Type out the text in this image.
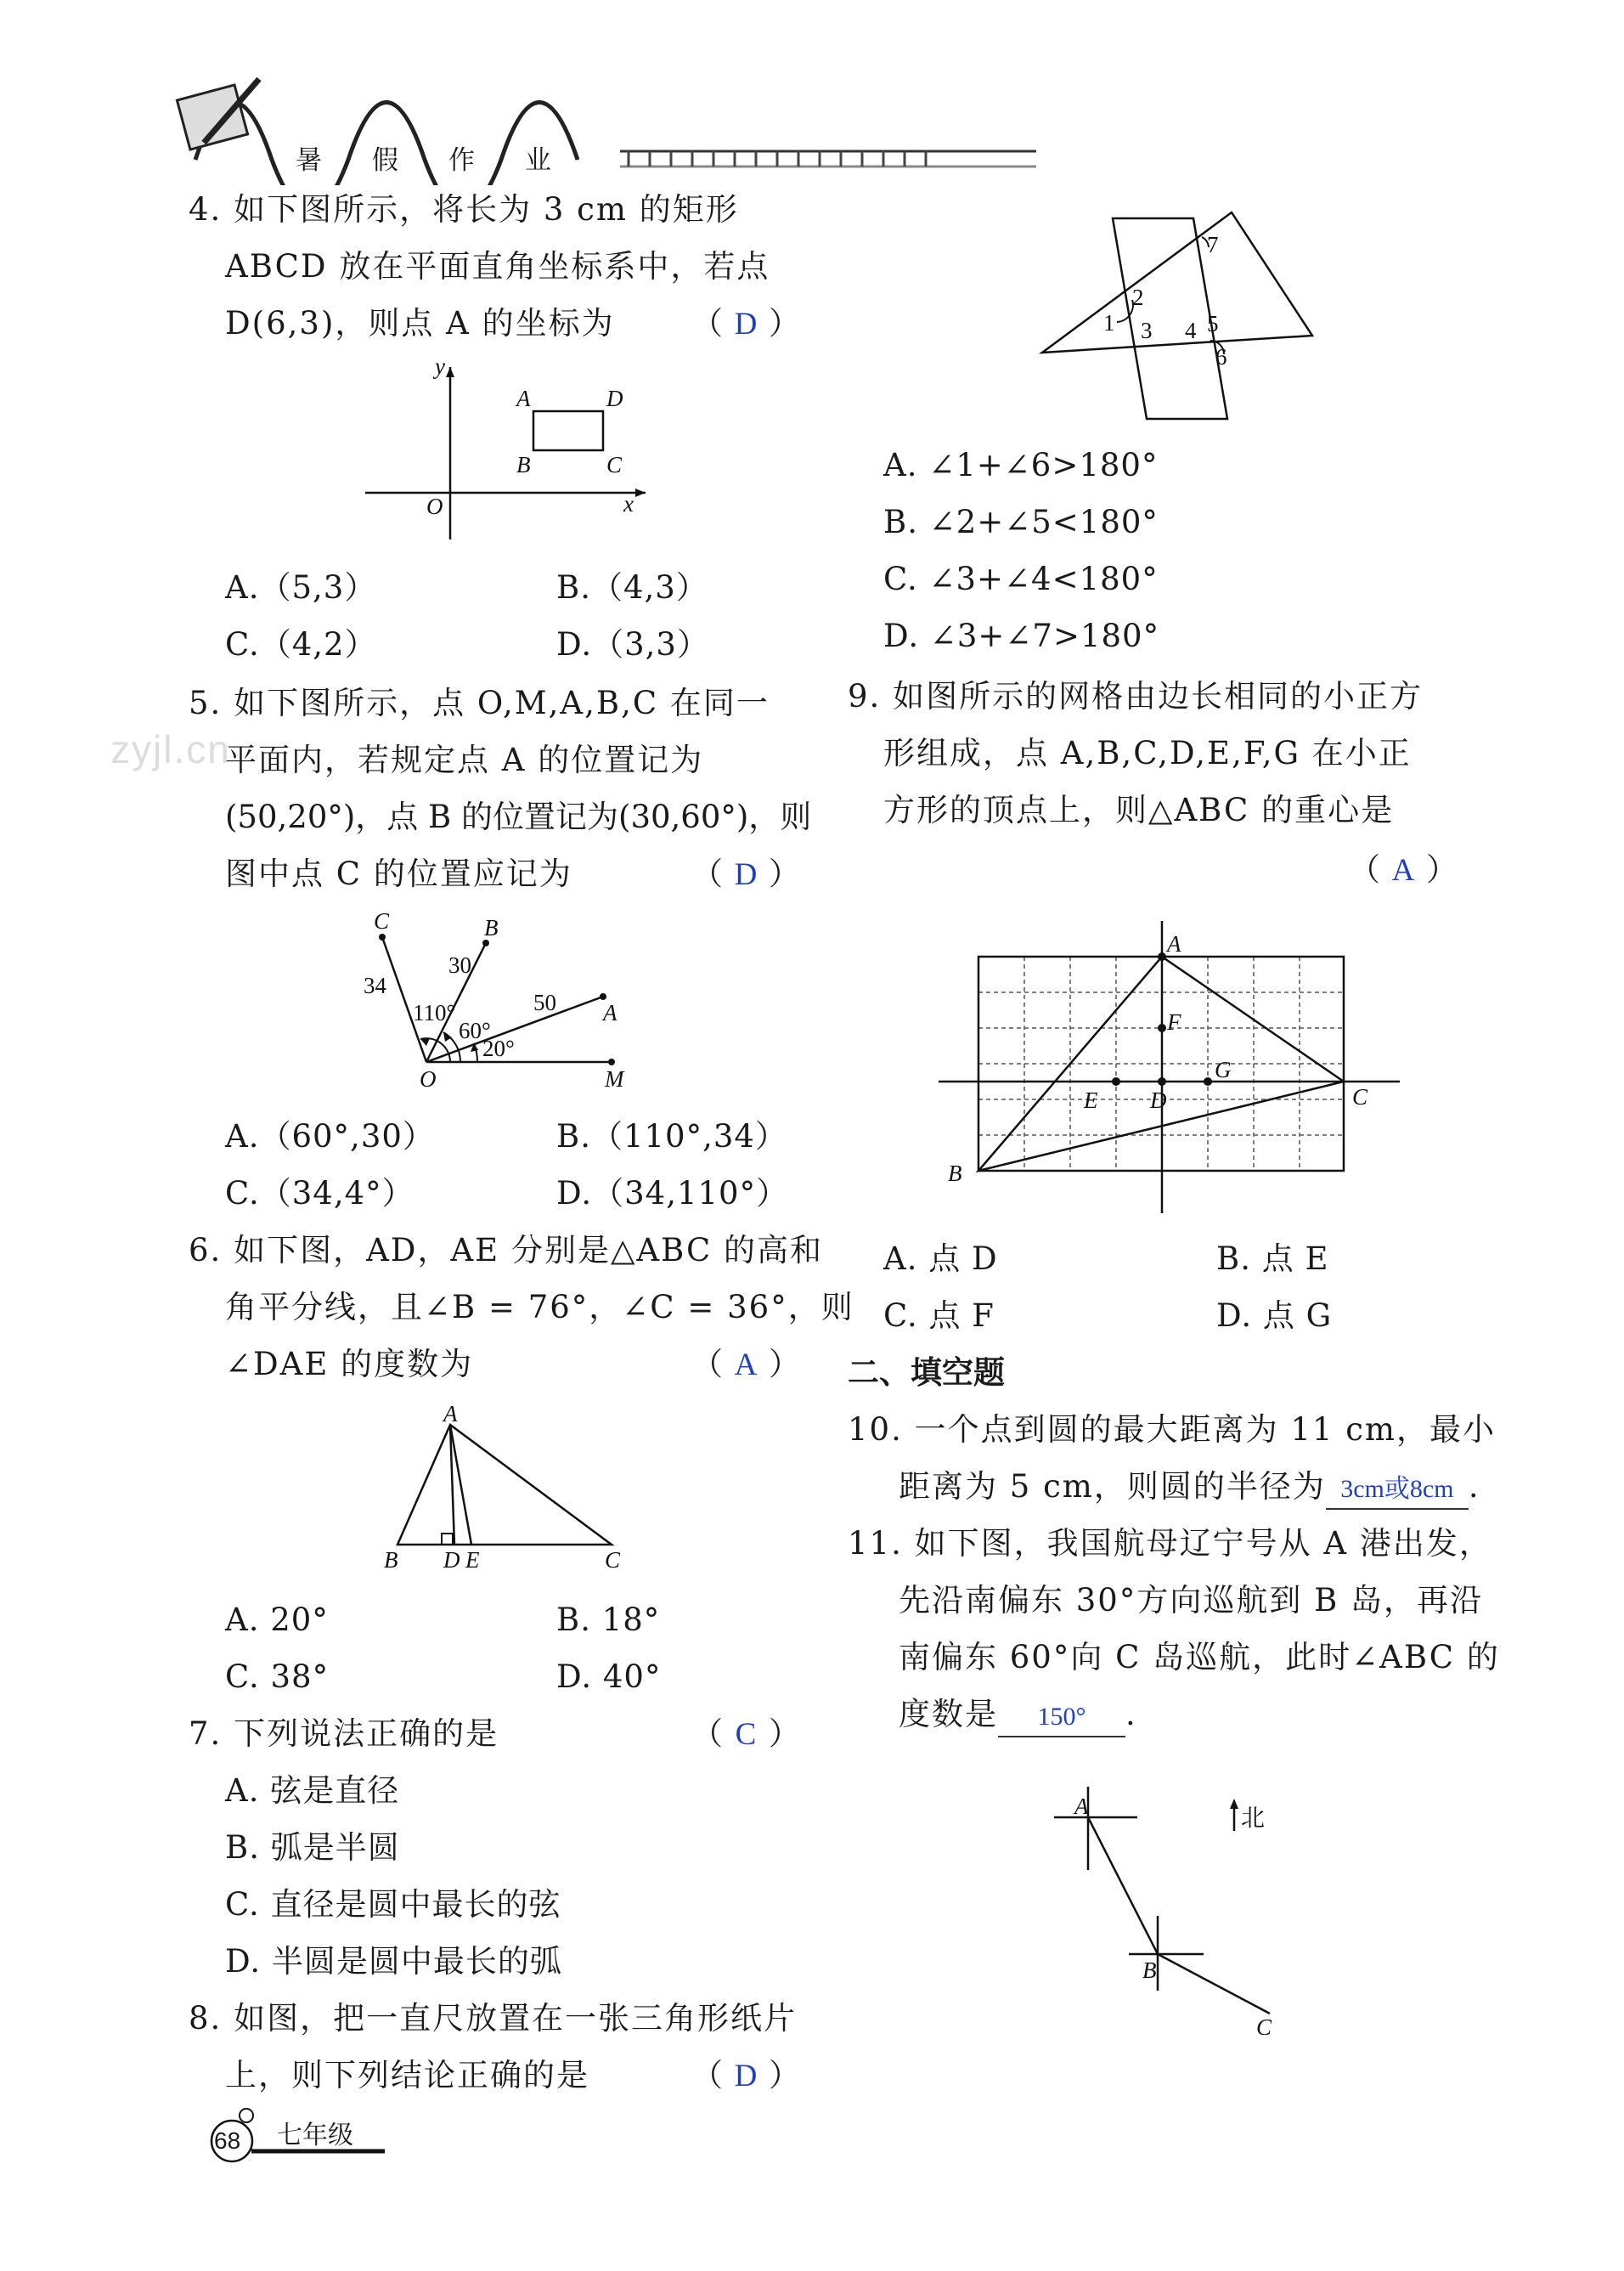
暑 假 作 业
zyjl.cn
4. 如下图所示，将长为 3 cm 的矩形
ABCD 放在平面直角坐标系中，若点
D(6,3)，则点 A 的坐标为 （ D ）
y
x
O
A	D
B	C
A.（5,3）	B.（4,3）
C.（4,2）	D.（3,3）
5. 如下图所示，点 O,M,A,B,C 在同一
平面内，若规定点 A 的位置记为
(50,20°)，点 B 的位置记为(30,60°)，则
图中点 C 的位置应记为	（ D ）
C	B
A
O	M
34
30
50
110°
60°
20°
A.（60°,30）	B.（110°,34）
C.（34,4°）	D.（34,110°）
6. 如下图，AD，AE 分别是△ABC 的高和
角平分线，且∠B = 76°，∠C = 36°，则
∠DAE 的度数为	（ A ）
A
B D E	C
A. 20°	B. 18°
C. 38°	D. 40°
7. 下列说法正确的是	（ C ）
A. 弦是直径
B. 弧是半圆
C. 直径是圆中最长的弦
D. 半圆是圆中最长的弧
8. 如图，把一直尺放置在一张三角形纸片
上，则下列结论正确的是	（ D ）
1
2
3 4 5
6
7
A. ∠1+∠6>180°
B. ∠2+∠5<180°
C. ∠3+∠4<180°
D. ∠3+∠7>180°
9. 如图所示的网格由边长相同的小正方
形组成，点 A,B,C,D,E,F,G 在小正
方形的顶点上，则△ABC 的重心是
（ A ）
A
B
C
D
E
F
G
A. 点 D	B. 点 E
C. 点 F	D. 点 G
二、填空题
10. 一个点到圆的最大距离为 11 cm，最小
距离为 5 cm，则圆的半径为 3cm或8cm .
11. 如下图，我国航母辽宁号从 A 港出发，
先沿南偏东 30°方向巡航到 B 岛，再沿
南偏东 60°向 C 岛巡航，此时∠ABC 的
度数是 150° .
A
B
C
北
68 七年级
